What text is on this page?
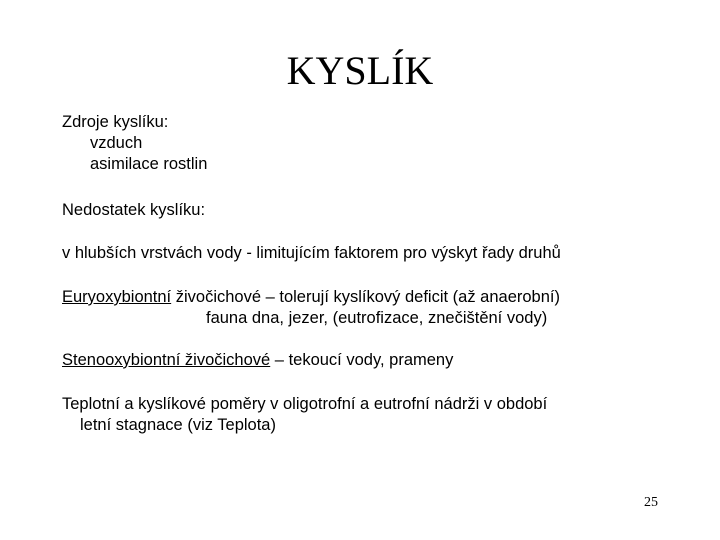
KYSLÍK
Zdroje kyslíku:
vzduch
asimilace rostlin
Nedostatek kyslíku:
v hlubších vrstvách vody - limitujícím faktorem pro výskyt řady druhů
Euryoxybiontní živočichové – tolerují kyslíkový deficit (až anaerobní)
fauna dna, jezer, (eutrofizace, znečištění vody)
Stenooxybiontní živočichové – tekoucí vody, prameny
Teplotní a kyslíkové poměry v oligotrofní a eutrofní nádrži v období
letní stagnace (viz Teplota)
25
